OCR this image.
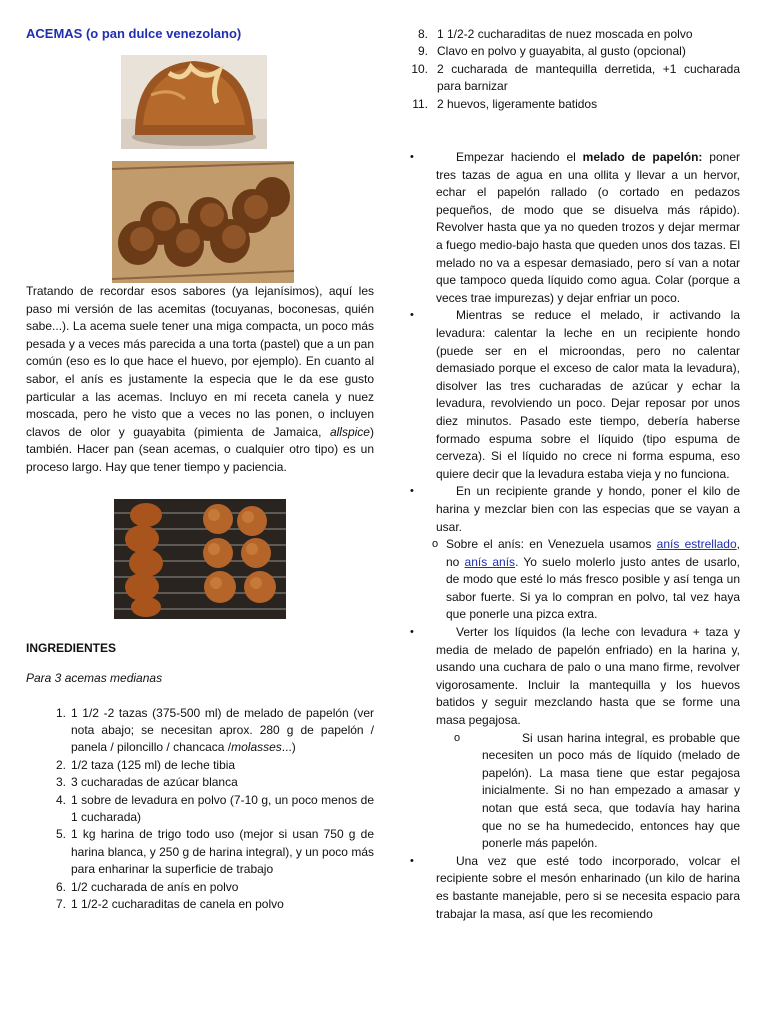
ACEMAS (o pan dulce venezolano)

Tratando de recordar esos sabores (ya lejanísimos), aquí les paso mi versión de las acemitas (tocuyanas, boconesas, quién sabe...). La acema suele tener una miga compacta, un poco más pesada y a veces más parecida a una torta (pastel) que a un pan común (eso es lo que hace el huevo, por ejemplo). En cuanto al sabor, el anís es justamente la especia que le da ese gusto particular a las acemas. Incluyo en mi receta canela y nuez moscada, pero he visto que a veces no las ponen, o incluyen clavos de olor y guayabita (pimienta de Jamaica, allspice) también. Hacer pan (sean acemas, o cualquier otro tipo) es un proceso largo. Hay que tener tiempo y paciencia.

INGREDIENTES
Para 3 acemas medianas
1. 1 1/2 -2 tazas (375-500 ml) de melado de papelón (ver nota abajo; se necesitan aprox. 280 g de papelón / panela / piloncillo / chancaca /molasses...)
2. 1/2 taza (125 ml) de leche tibia
3. 3 cucharadas de azúcar blanca
4. 1 sobre de levadura en polvo (7-10 g, un poco menos de 1 cucharada)
5. 1 kg harina de trigo todo uso (mejor si usan 750 g de harina blanca, y 250 g de harina integral), y un poco más para enharinar la superficie de trabajo
6. 1/2 cucharada de anís en polvo
7. 1 1/2-2 cucharaditas de canela en polvo
8. 1 1/2-2 cucharaditas de nuez moscada en polvo
9. Clavo en polvo y guayabita, al gusto (opcional)
10. 2 cucharada de mantequilla derretida, +1 cucharada para barnizar
11. 2 huevos, ligeramente batidos
•	Empezar haciendo el melado de papelón: poner tres tazas de agua en una ollita y llevar a un hervor, echar el papelón rallado (o cortado en pedazos pequeños, de modo que se disuelva más rápido). Revolver hasta que ya no queden trozos y dejar mermar a fuego medio-bajo hasta que queden unos dos tazas. El melado no va a espesar demasiado, pero sí van a notar que tampoco queda líquido como agua. Colar (porque a veces trae impurezas) y dejar enfriar un poco.
•	Mientras se reduce el melado, ir activando la levadura: calentar la leche en un recipiente hondo (puede ser en el microondas, pero no calentar demasiado porque el exceso de calor mata la levadura), disolver las tres cucharadas de azúcar y echar la levadura, revolviendo un poco. Dejar reposar por unos diez minutos. Pasado este tiempo, debería haberse formado espuma sobre el líquido (tipo espuma de cerveza). Si el líquido no crece ni forma espuma, eso quiere decir que la levadura estaba vieja y no funciona.
•	En un recipiente grande y hondo, poner el kilo de harina y mezclar bien con las especias que se vayan a usar.
o Sobre el anís: en Venezuela usamos anís estrellado, no anís anís. Yo suelo molerlo justo antes de usarlo, de modo que esté lo más fresco posible y así tenga un sabor fuerte. Si ya lo compran en polvo, tal vez haya que ponerle una pizca extra.
•	Verter los líquidos (la leche con levadura + taza y media de melado de papelón enfriado) en la harina y, usando una cuchara de palo o una mano firme, revolver vigorosamente. Incluir la mantequilla y los huevos batidos y seguir mezclando hasta que se forme una masa pegajosa.
o	Si usan harina integral, es probable que necesiten un poco más de líquido (melado de papelón). La masa tiene que estar pegajosa inicialmente. Si no han empezado a amasar y notan que está seca, que todavía hay harina que no se ha humedecido, entonces hay que ponerle más papelón.
•	Una vez que esté todo incorporado, volcar el recipiente sobre el mesón enharinado (un kilo de harina es bastante manejable, pero si se necesita espacio para trabajar la masa, así que les recomiendo
